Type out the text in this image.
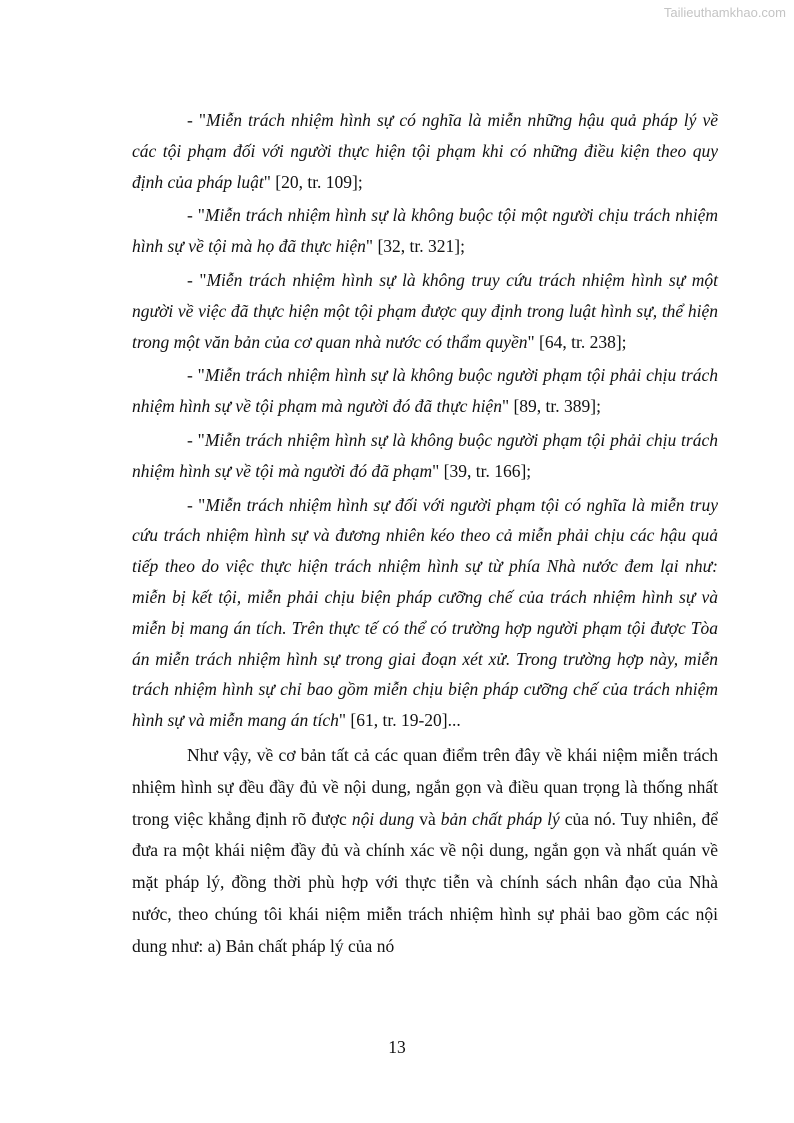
Tailieuthamkhao.com

- "Miễn trách nhiệm hình sự có nghĩa là miễn những hậu quả pháp lý về các tội phạm đối với người thực hiện tội phạm khi có những điều kiện theo quy định của pháp luật" [20, tr. 109];

- "Miễn trách nhiệm hình sự là không buộc tội một người chịu trách nhiệm hình sự về tội mà họ đã thực hiện" [32, tr. 321];

- "Miễn trách nhiệm hình sự là không truy cứu trách nhiệm hình sự một người về việc đã thực hiện một tội phạm được quy định trong luật hình sự, thể hiện trong một văn bản của cơ quan nhà nước có thẩm quyền" [64, tr. 238];

- "Miễn trách nhiệm hình sự là không buộc người phạm tội phải chịu trách nhiệm hình sự về tội phạm mà người đó đã thực hiện" [89, tr. 389];

- "Miễn trách nhiệm hình sự là không buộc người phạm tội phải chịu trách nhiệm hình sự về tội mà người đó đã phạm" [39, tr. 166];

- "Miễn trách nhiệm hình sự đối với người phạm tội có nghĩa là miễn truy cứu trách nhiệm hình sự và đương nhiên kéo theo cả miễn phải chịu các hậu quả tiếp theo do việc thực hiện trách nhiệm hình sự từ phía Nhà nước đem lại như: miễn bị kết tội, miễn phải chịu biện pháp cưỡng chế của trách nhiệm hình sự và miễn bị mang án tích. Trên thực tế có thể có trường hợp người phạm tội được Tòa án miễn trách nhiệm hình sự trong giai đoạn xét xử. Trong trường hợp này, miễn trách nhiệm hình sự chỉ bao gồm miễn chịu biện pháp cưỡng chế của trách nhiệm hình sự và miễn mang án tích" [61, tr. 19-20]...

Như vậy, về cơ bản tất cả các quan điểm trên đây về khái niệm miễn trách nhiệm hình sự đều đầy đủ về nội dung, ngắn gọn và điều quan trọng là thống nhất trong việc khẳng định rõ được nội dung và bản chất pháp lý của nó. Tuy nhiên, để đưa ra một khái niệm đầy đủ và chính xác về nội dung, ngắn gọn và nhất quán về mặt pháp lý, đồng thời phù hợp với thực tiễn và chính sách nhân đạo của Nhà nước, theo chúng tôi khái niệm miễn trách nhiệm hình sự phải bao gồm các nội dung như: a) Bản chất pháp lý của nó

13
